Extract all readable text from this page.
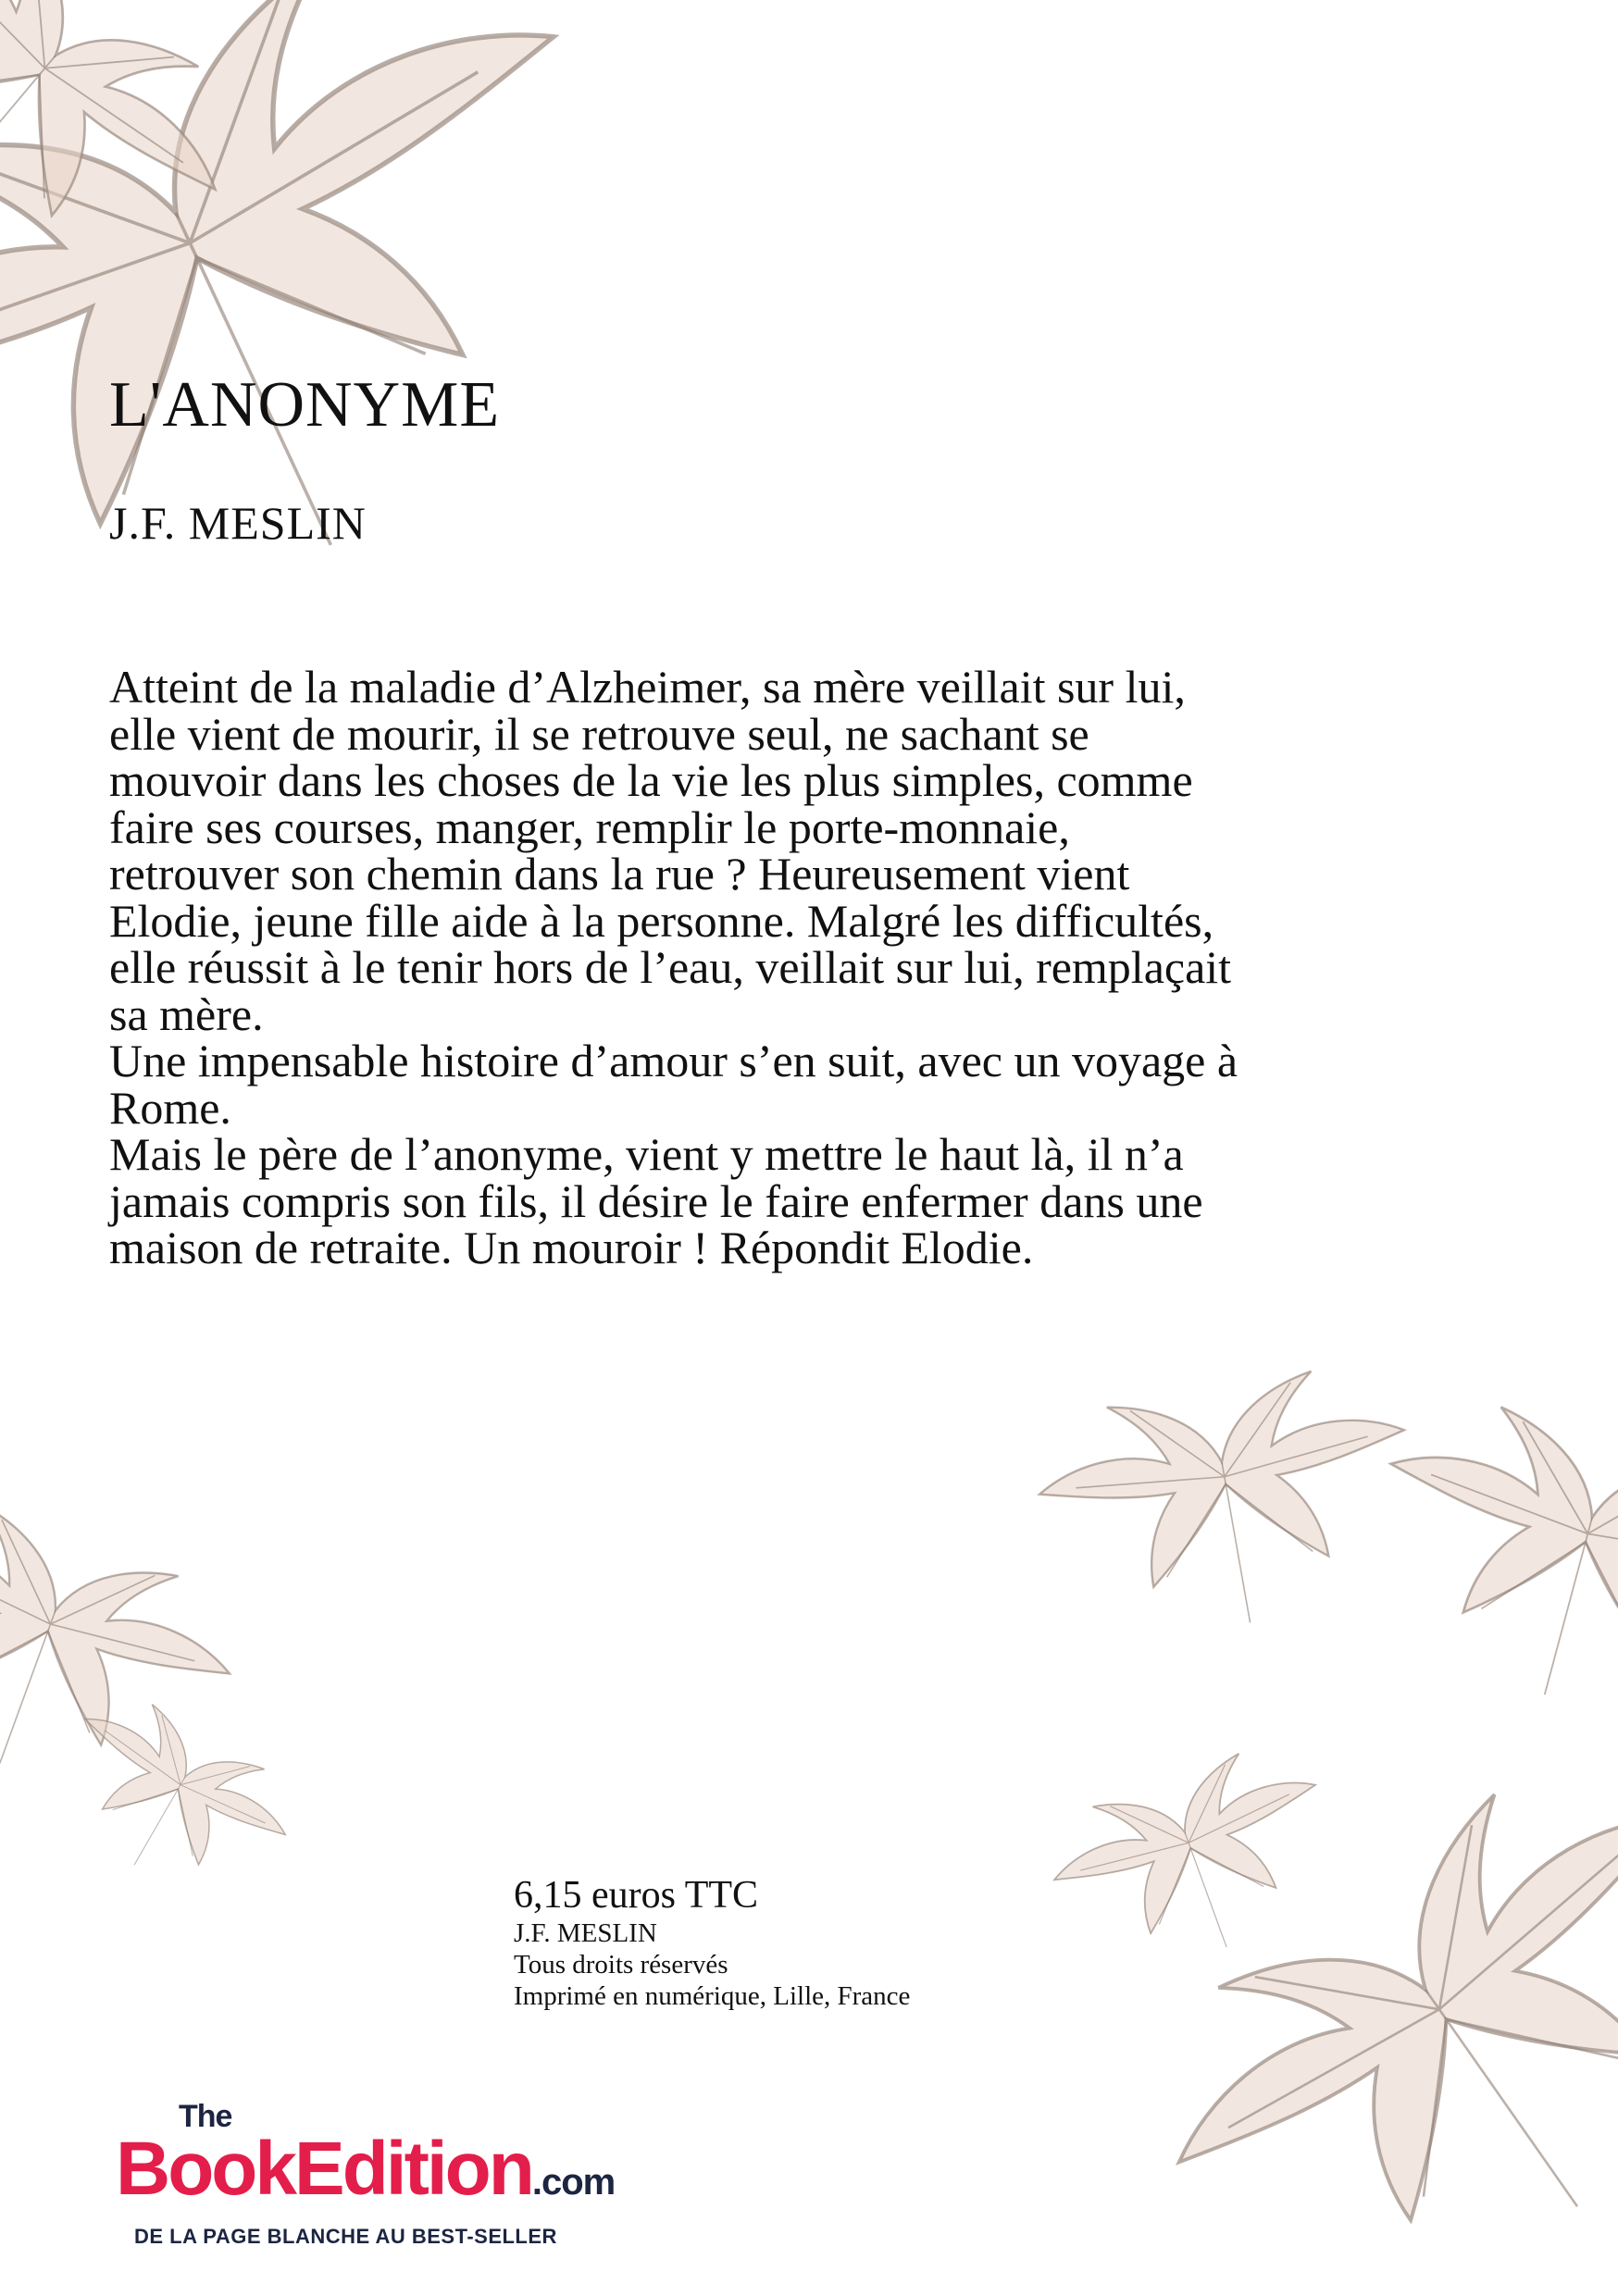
L'ANONYME
J.F. MESLIN

Atteint de la maladie d’Alzheimer, sa mère veillait sur lui, elle vient de mourir, il se retrouve seul, ne sachant se mouvoir dans les choses de la vie les plus simples, comme faire ses courses, manger, remplir le porte-monnaie, retrouver son chemin dans la rue ? Heureusement vient Elodie, jeune fille aide à la personne. Malgré les difficultés, elle réussit à le tenir hors de l’eau, veillait sur lui, remplaçait sa mère.

Une impensable histoire d’amour s’en suit, avec un voyage à Rome.

Mais le père de l’anonyme, vient y mettre le haut là, il n’a jamais compris son fils, il désire le faire enfermer dans une maison de retraite. Un mouroir ! Répondit Elodie.

6,15 euros TTC
J.F. MESLIN
Tous droits réservés
Imprimé en numérique, Lille, France
The
BookEdition.com
DE LA PAGE BLANCHE AU BEST-SELLER
